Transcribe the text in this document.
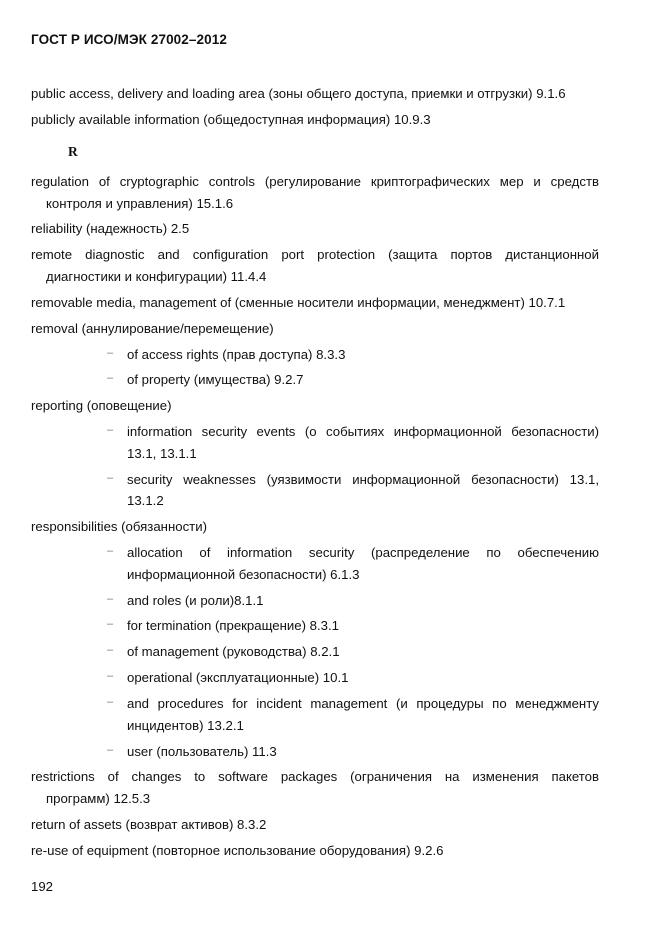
ГОСТ Р ИСО/МЭК 27002–2012
public access, delivery and loading area (зоны общего доступа, приемки и отгрузки) 9.1.6
publicly available information (общедоступная информация) 10.9.3
R
regulation of cryptographic controls (регулирование криптографических мер и средств
контроля и управления) 15.1.6
reliability (надежность) 2.5
remote diagnostic and configuration port protection (защита портов дистанционной
диагностики и конфигурации) 11.4.4
removable media, management of (сменные носители информации, менеджмент) 10.7.1
removal (аннулирование/перемещение)
– of access rights (прав доступа) 8.3.3
– of property (имущества) 9.2.7
reporting (оповещение)
– information security events (о событиях информационной безопасности)
13.1, 13.1.1
– security weaknesses (уязвимости информационной безопасности) 13.1,
13.1.2
responsibilities (обязанности)
– allocation of information security (распределение по обеспечению
информационной безопасности) 6.1.3
– and roles (и роли)8.1.1
– for termination (прекращение) 8.3.1
– of management (руководства) 8.2.1
– operational (эксплуатационные) 10.1
– and procedures for incident management (и процедуры по менеджменту
инцидентов) 13.2.1
– user (пользователь) 11.3
restrictions of changes to software packages (ограничения на изменения пакетов
программ) 12.5.3
return of assets (возврат активов) 8.3.2
re-use of equipment (повторное использование оборудования) 9.2.6
192
